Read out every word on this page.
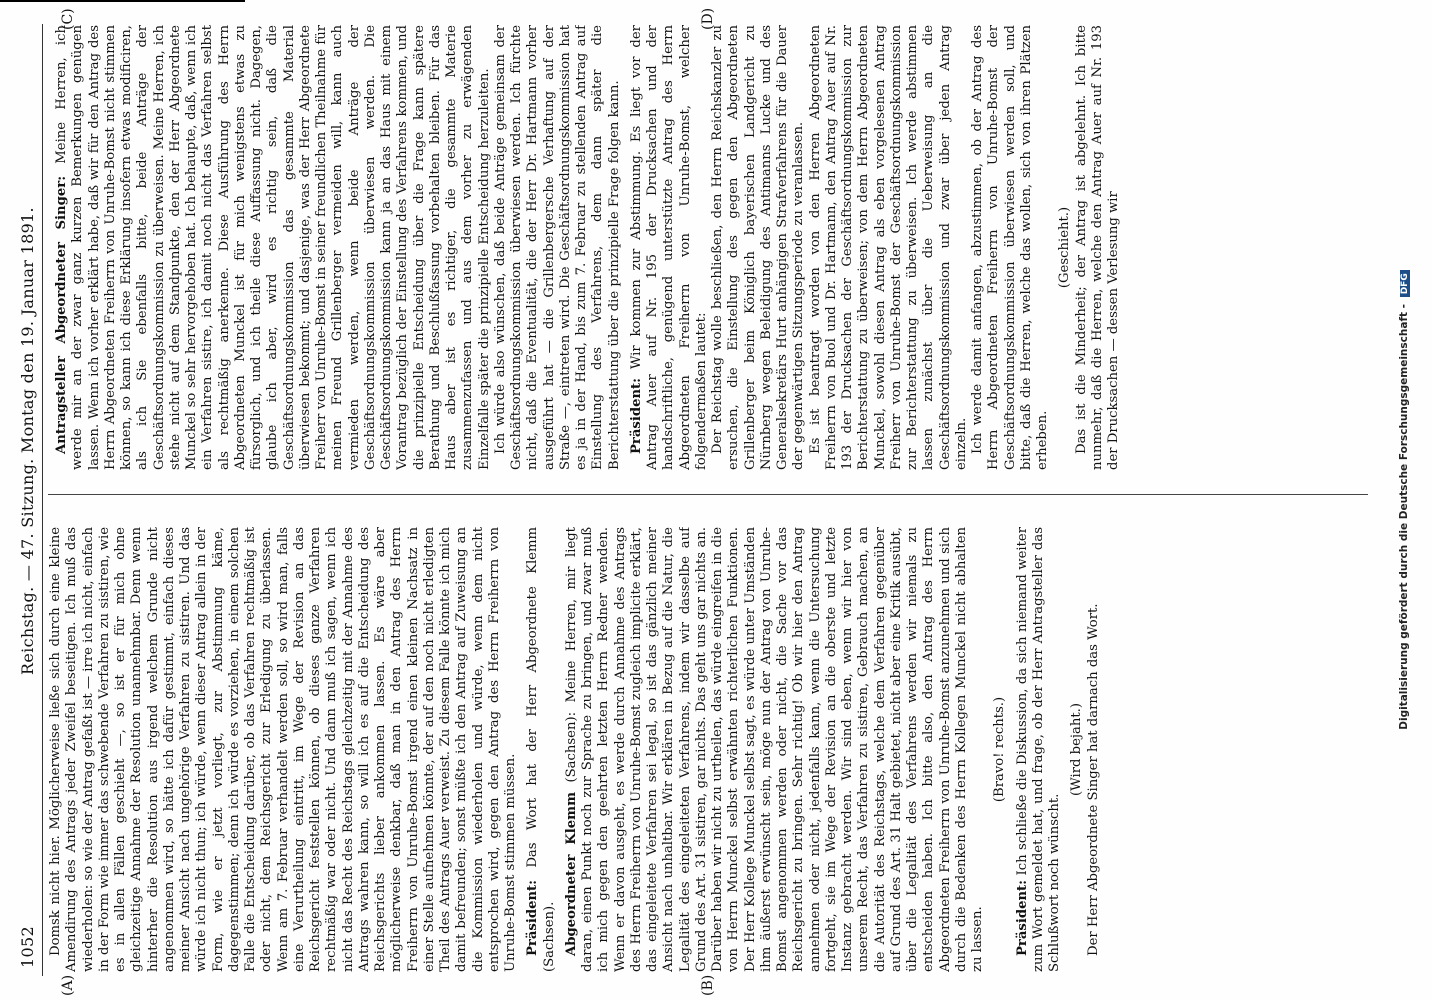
1052
Reichstag. — 47. Sitzung. Montag den 19. Januar 1891.
(A)	(B)
(C)	(D)

Domsk nicht hier. Möglicherweise ließe sich durch eine kleine Amendirung des Antrags jeder Zweifel beseitigen. Ich muß das wiederholen: so wie der Antrag gefaßt ist — irre ich nicht, einfach in der Form wie immer das schwebende Verfahren zu sistiren, wie es in allen Fällen geschieht —, so ist er für mich ohne gleichzeitige Annahme der Resolution unannehmbar. Denn wenn hinterher die Resolution aus irgend welchem Grunde nicht angenommen wird, so hätte ich dafür gestimmt, einfach dieses meiner Ansicht nach ungehörige Verfahren zu sistiren. Und das würde ich nicht thun; ich würde, wenn dieser Antrag allein in der Form, wie er jetzt vorliegt, zur Abstimmung käme, dagegenstimmen; denn ich würde es vorziehen, in einem solchen Falle die Entscheidung darüber, ob das Verfahren rechtmäßig ist oder nicht, dem Reichsgericht zur Erledigung zu überlassen. Wenn am 7. Februar verhandelt werden soll, so wird man, falls eine Verurtheilung eintritt, im Wege der Revision an das Reichsgericht feststellen können, ob dieses ganze Verfahren rechtmäßig war oder nicht. Und dann muß ich sagen, wenn ich nicht das Recht des Reichstags gleichzeitig mit der Annahme des Antrags wahren kann, so will ich es auf die Entscheidung des Reichsgerichts lieber ankommen lassen. Es wäre aber möglicherweise denkbar, daß man in den Antrag des Herrn Freiherrn von Unruhe-Bomst irgend einen kleinen Nachsatz in einer Stelle aufnehmen könnte, der auf den noch nicht erledigten Theil des Antrags Auer verweist. Zu diesem Falle könnte ich mich damit befreunden; sonst müßte ich den Antrag auf Zuweisung an die Kommission wiederholen und würde, wenn dem nicht entsprochen wird, gegen den Antrag des Herrn Freiherrn von Unruhe-Bomst stimmen müssen. Präsident: Das Wort hat der Herr Abgeordnete Klemm (Sachsen). Abgeordneter Klemm (Sachsen): Meine Herren, mir liegt daran, einen Punkt noch zur Sprache zu bringen, und zwar muß ich mich gegen den geehrten letzten Herrn Redner wenden. Wenn er davon ausgeht, es werde durch Annahme des Antrags des Herrn Freiherrn von Unruhe-Bomst zugleich implicite erklärt, das eingeleitete Verfahren sei legal, so ist das gänzlich meiner Ansicht nach unhaltbar. Wir erklären in Bezug auf die Natur, die Legalität des eingeleiteten Verfahrens, indem wir dasselbe auf Grund des Art. 31 sistiren, gar nichts. Das geht uns gar nichts an. Darüber haben wir nicht zu urtheilen, das würde eingreifen in die von Herrn Munckel selbst erwähnten richterlichen Funktionen. Der Herr Kollege Munckel selbst sagt, es würde unter Umständen ihm äußerst erwünscht sein, möge nun der Antrag von Unruhe-Bomst angenommen werden oder nicht, die Sache vor das Reichsgericht zu bringen. Sehr richtig! Ob wir hier den Antrag annehmen oder nicht, jedenfalls kann, wenn die Untersuchung fortgeht, sie im Wege der Revision an die oberste und letzte Instanz gebracht werden. Wir sind eben, wenn wir hier von unserem Recht, das Verfahren zu sistiren, Gebrauch machen, an die Autorität des Reichstags, welche dem Verfahren gegenüber auf Grund des Art. 31 Halt gebietet, nicht aber eine Kritik ausübt, über die Legalität des Verfahrens werden wir niemals zu entscheiden haben. Ich bitte also, den Antrag des Herrn Abgeordneten Freiherrn von Unruhe-Bomst anzunehmen und sich durch die Bedenken des Herrn Kollegen Munckel nicht abhalten zu lassen.

(Bravo! rechts.)

Präsident: Ich schließe die Diskussion, da sich niemand weiter zum Wort gemeldet hat, und frage, ob der Herr Antragsteller das Schlußwort noch wünscht.

(Wird bejaht.) Der Herr Abgeordnete Singer hat darnach das Wort.

Antragsteller Abgeordneter Singer: Meine Herren, ich werde mir an der zwar ganz kurzen Bemerkungen genügen lassen. Wenn ich vorher erklärt habe, daß wir für den Antrag des Herrn Abgeordneten Freiherrn von Unruhe-Bomst nicht stimmen können, so kann ich diese Erklärung insofern etwas modificiren, als ich Sie ebenfalls bitte, beide Anträge der Geschäftsordnungskommission zu überweisen. Meine Herren, ich stehe nicht auf dem Standpunkte, den der Herr Abgeordnete Munckel so sehr hervorgehoben hat. Ich behaupte, daß, wenn ich ein Verfahren sistire, ich damit noch nicht das Verfahren selbst als rechtmäßig anerkenne. Diese Ausführung des Herrn Abgeordneten Munckel ist für mich wenigstens etwas zu fürsorglich, und ich theile diese Auffassung nicht. Dagegen, glaube ich aber, wird es richtig sein, daß die Geschäftsordnungskommission das gesammte Material überwiesen bekommt; und dasjenige, was der Herr Abgeordnete Freiherr von Unruhe-Bomst in seiner freundlichen Theilnahme für meinen Freund Grillenberger vermeiden will, kann auch vermieden werden, wenn beide Anträge der Geschäftsordnungskommission überwiesen werden. Die Geschäftsordnungskommission kann ja an das Haus mit einem Vorantrag bezüglich der Einstellung des Verfahrens kommen, und die prinzipielle Entscheidung über die Frage kann spätere Berathung und Beschlußfassung vorbehalten bleiben. Für das Haus aber ist es richtiger, die gesammte Materie zusammenzufassen und aus dem vorher zu erwägenden Einzelfalle später die prinzipielle Entscheidung herzuleiten. Ich würde also wünschen, daß beide Anträge gemeinsam der Geschäftsordnungskommission überwiesen werden. Ich fürchte nicht, daß die Eventualität, die der Herr Dr. Hartmann vorher ausgeführt hat — die Grillenbergersche Verhaftung auf der Straße —, eintreten wird. Die Geschäftsordnungskommission hat es ja in der Hand, bis zum 7. Februar zu stellenden Antrag auf Einstellung des Verfahrens, dem dann später die Berichterstattung über die prinzipielle Frage folgen kann. Präsident: Wir kommen zur Abstimmung. Es liegt vor der Antrag Auer auf Nr. 195 der Drucksachen und der handschriftliche, genügend unterstützte Antrag des Herrn Abgeordneten Freiherrn von Unruhe-Bomst, welcher folgendermaßen lautet: Der Reichstag wolle beschließen, den Herrn Reichskanzler zu ersuchen, die Einstellung des gegen den Abgeordneten Grillenberger beim Königlich bayerischen Landgericht zu Nürnberg wegen Beleidigung des Antimanns Lucke und des Generalsekretärs Hurt anhängigen Strafverfahrens für die Dauer der gegenwärtigen Sitzungsperiode zu veranlassen. Es ist beantragt worden von den Herren Abgeordneten Freiherrn von Buol und Dr. Hartmann, den Antrag Auer auf Nr. 193 der Drucksachen der Geschäftsordnungskommission zur Berichterstattung zu überweisen; von dem Herrn Abgeordneten Munckel, sowohl diesen Antrag als eben vorgelesenen Antrag Freiherr von Unruhe-Bomst der Geschäftsordnungskommission zur Berichterstattung zu überweisen. Ich werde abstimmen lassen zunächst über die Ueberweisung an die Geschäftsordnungskommission und zwar über jeden Antrag einzeln. Ich werde damit anfangen, abzustimmen, ob der Antrag des Herrn Abgeordneten Freiherrn von Unruhe-Bomst der Geschäftsordnungskommission überwiesen werden soll, und bitte, daß die Herren, welche das wollen, sich von ihren Plätzen erheben.

(Geschieht.) Das ist die Minderheit; der Antrag ist abgelehnt. Ich bitte nunmehr, daß die Herren, welche den Antrag Auer auf Nr. 193 der Drucksachen — dessen Verlesung wir	Digitalisierung gefördert durch die Deutsche Forschungsgemeinschaft - DFG
